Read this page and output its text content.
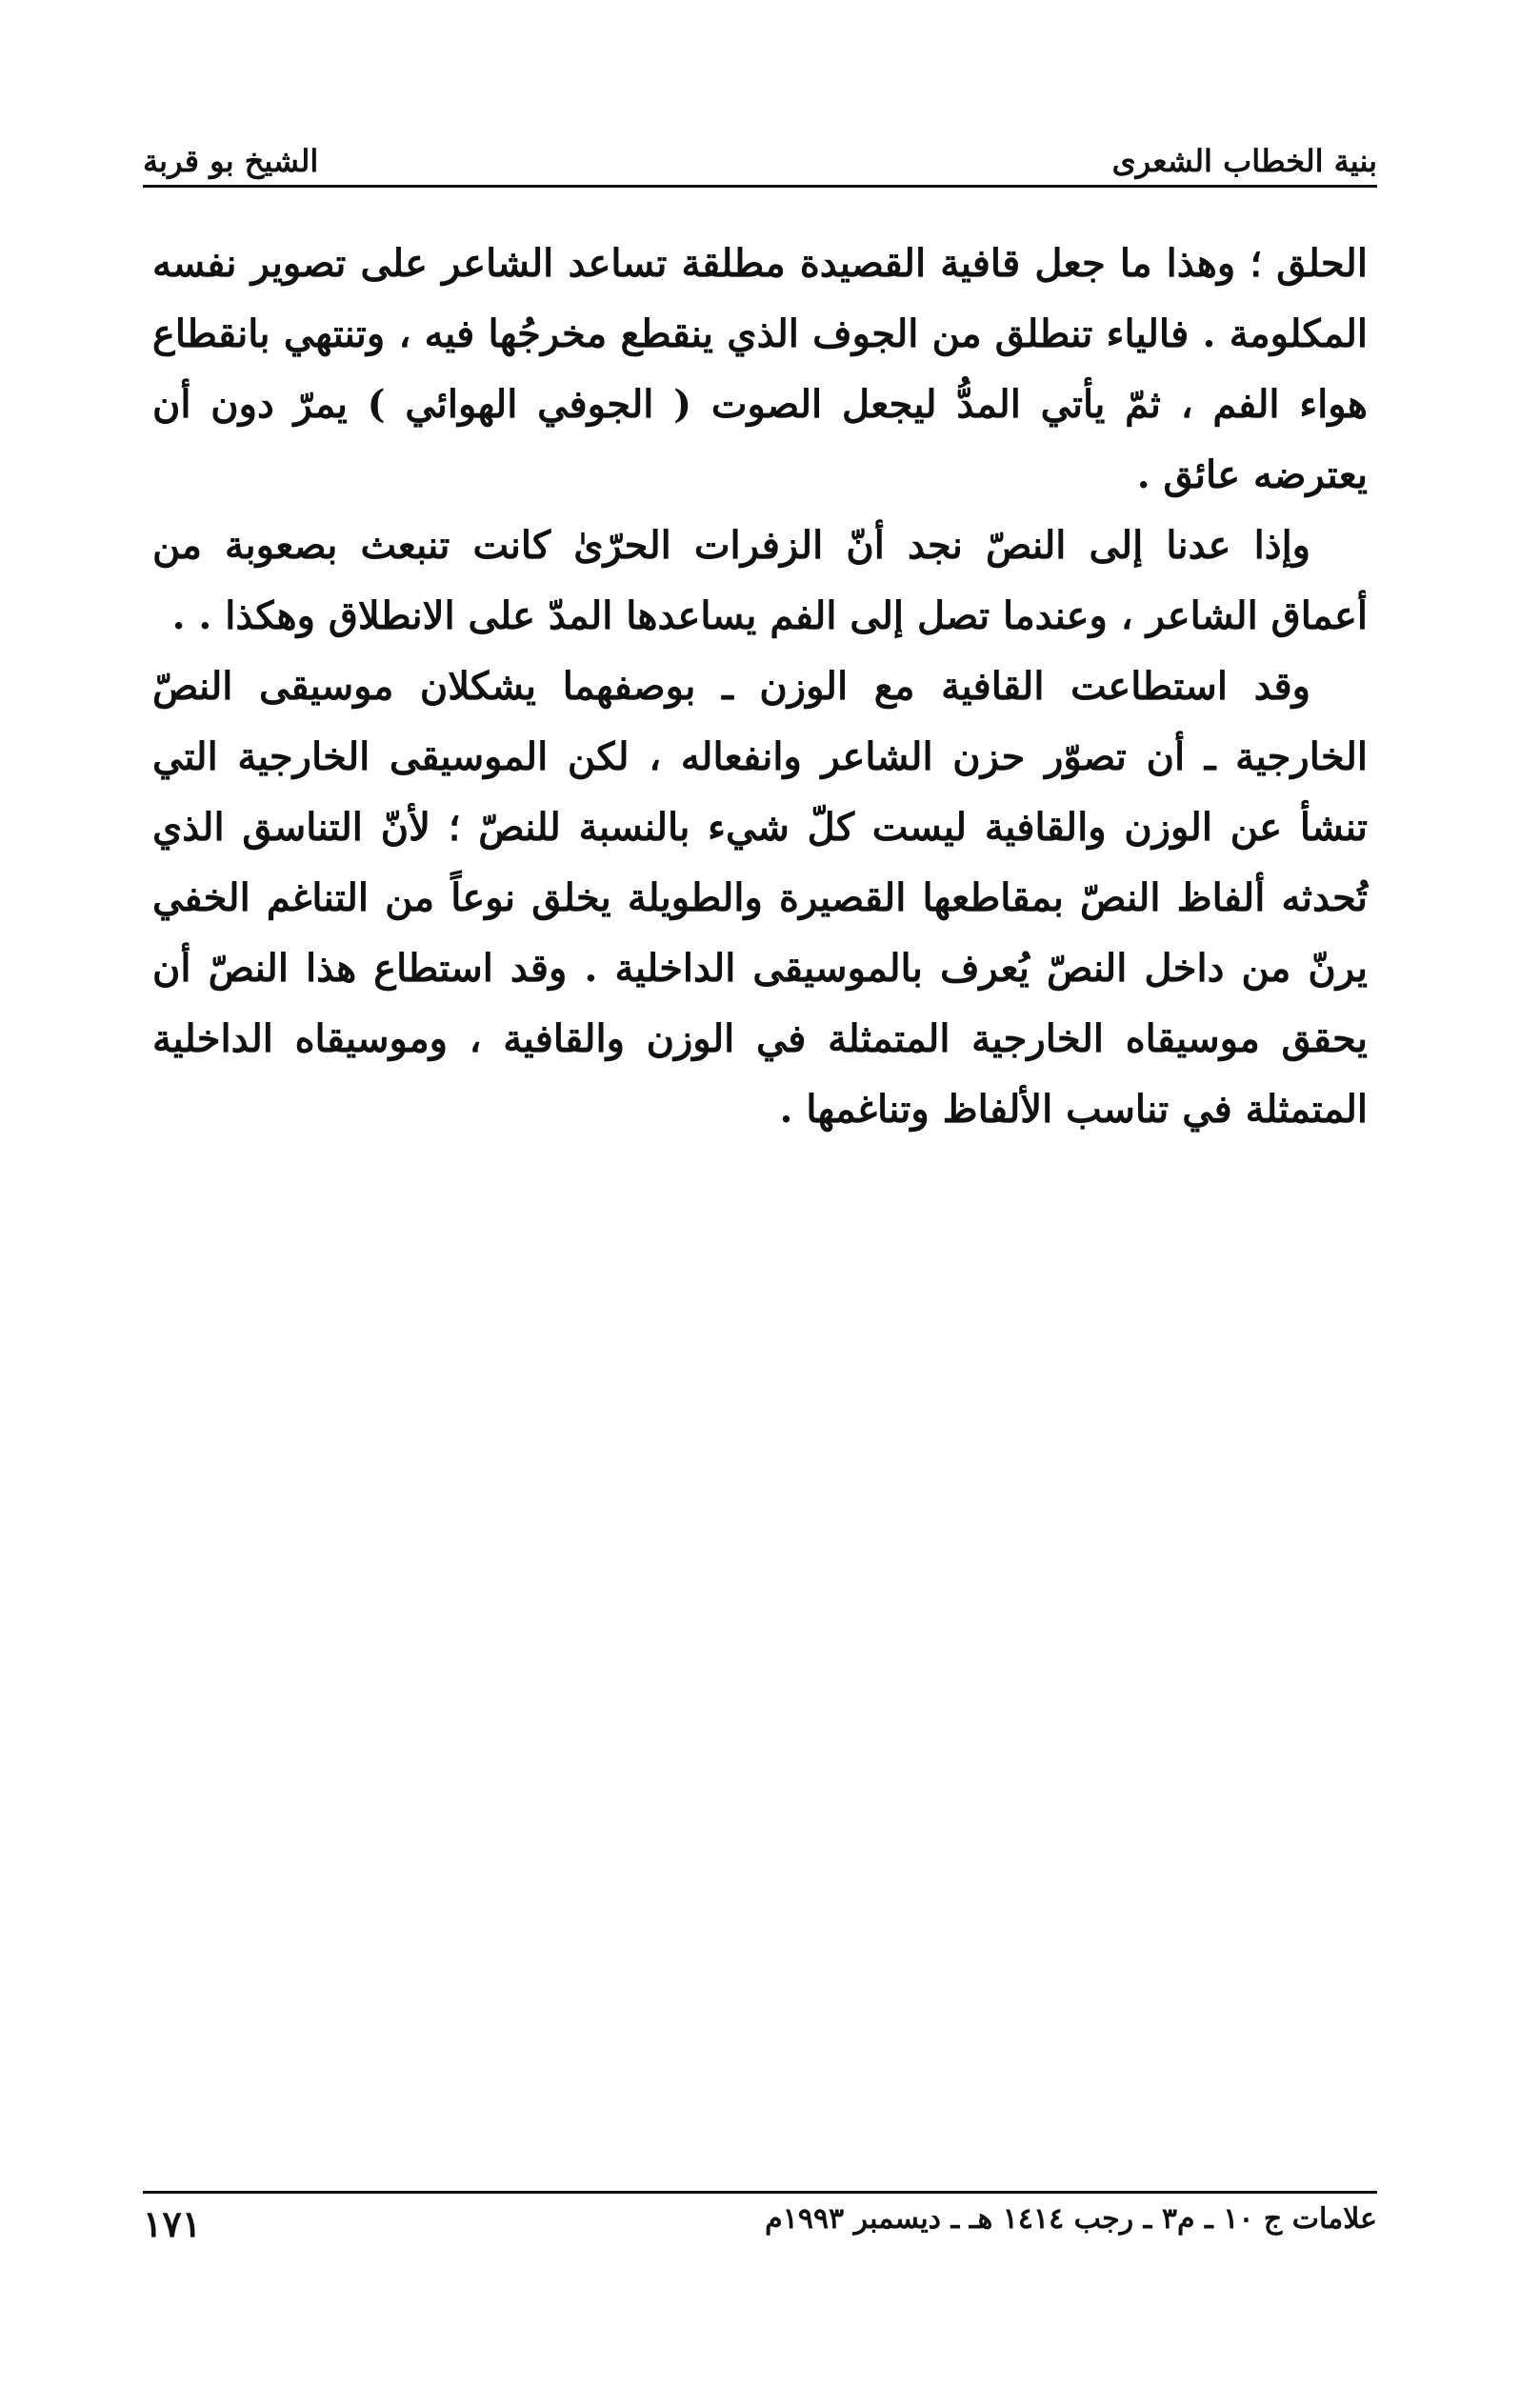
بنية الخطاب الشعرى
الشيخ بو قربة

الحلق ؛ وهذا ما جعل قافية القصيدة مطلقة تساعد الشاعر على تصوير نفسه المكلومة . فالياء تنطلق من الجوف الذي ينقطع مخرجُها فيه ، وتنتهي بانقطاع هواء الفم ، ثمّ يأتي المدُّ ليجعل الصوت ( الجوفي الهوائي ) يمرّ دون أن يعترضه عائق .

وإذا عدنا إلى النصّ نجد أنّ الزفرات الحرّىٰ كانت تنبعث بصعوبة من أعماق الشاعر ، وعندما تصل إلى الفم يساعدها المدّ على الانطلاق وهكذا . .

وقد استطاعت القافية مع الوزن ـ بوصفهما يشكلان موسيقى النصّ الخارجية ـ أن تصوّر حزن الشاعر وانفعاله ، لكن الموسيقى الخارجية التي تنشأ عن الوزن والقافية ليست كلّ شيء بالنسبة للنصّ ؛ لأنّ التناسق الذي تُحدثه ألفاظ النصّ بمقاطعها القصيرة والطويلة يخلق نوعاً من التناغم الخفي يرنّ من داخل النصّ يُعرف بالموسيقى الداخلية . وقد استطاع هذا النصّ أن يحقق موسيقاه الخارجية المتمثلة في الوزن والقافية ، وموسيقاه الداخلية المتمثلة في تناسب الألفاظ وتناغمها .

علامات ج ١٠ ـ م٣ ـ رجب ١٤١٤ هـ ـ ديسمبر ١٩٩٣م
١٧١
